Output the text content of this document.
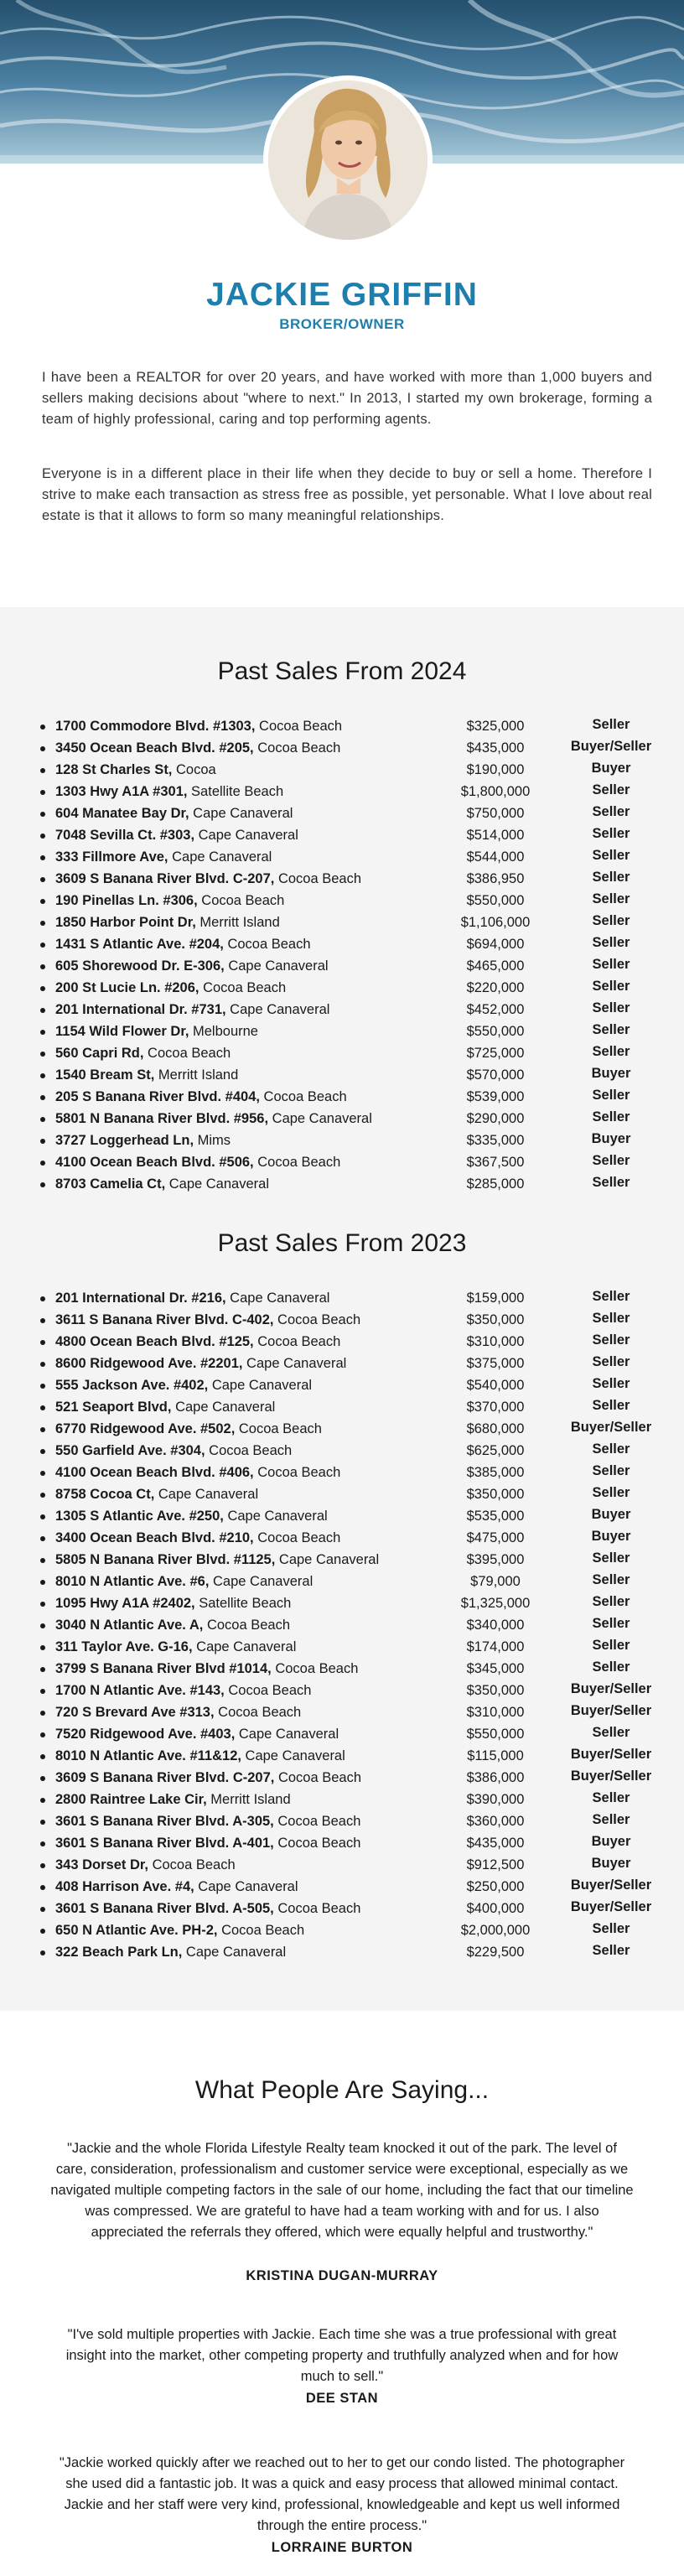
JACKIE GRIFFIN
BROKER/OWNER

I have been a REALTOR for over 20 years, and have worked with more than 1,000 buyers and sellers making decisions about "where to next." In 2013, I started my own brokerage, forming a team of highly professional, caring and top performing agents.

Everyone is in a different place in their life when they decide to buy or sell a home. Therefore I strive to make each transaction as stress free as possible, yet personable. What I love about real estate is that it allows to form so many meaningful relationships.

Past Sales From 2024
1700 Commodore Blvd. #1303, Cocoa Beach	$325,000	Seller
3450 Ocean Beach Blvd. #205, Cocoa Beach	$435,000	Buyer/Seller
128 St Charles St, Cocoa	$190,000	Buyer
1303 Hwy A1A #301, Satellite Beach	$1,800,000	Seller
604 Manatee Bay Dr, Cape Canaveral	$750,000	Seller
7048 Sevilla Ct. #303, Cape Canaveral	$514,000	Seller
333 Fillmore Ave, Cape Canaveral	$544,000	Seller
3609 S Banana River Blvd. C-207, Cocoa Beach	$386,950	Seller
190 Pinellas Ln. #306, Cocoa Beach	$550,000	Seller
1850 Harbor Point Dr, Merritt Island	$1,106,000	Seller
1431 S Atlantic Ave. #204, Cocoa Beach	$694,000	Seller
605 Shorewood Dr. E-306, Cape Canaveral	$465,000	Seller
200 St Lucie Ln. #206, Cocoa Beach	$220,000	Seller
201 International Dr. #731, Cape Canaveral	$452,000	Seller
1154 Wild Flower Dr, Melbourne	$550,000	Seller
560 Capri Rd, Cocoa Beach	$725,000	Seller
1540 Bream St, Merritt Island	$570,000	Buyer
205 S Banana River Blvd. #404, Cocoa Beach	$539,000	Seller
5801 N Banana River Blvd. #956, Cape Canaveral	$290,000	Seller
3727 Loggerhead Ln, Mims	$335,000	Buyer
4100 Ocean Beach Blvd. #506, Cocoa Beach	$367,500	Seller
8703 Camelia Ct, Cape Canaveral	$285,000	Seller
Past Sales From 2023
201 International Dr. #216, Cape Canaveral	$159,000	Seller
3611 S Banana River Blvd. C-402, Cocoa Beach	$350,000	Seller
4800 Ocean Beach Blvd. #125, Cocoa Beach	$310,000	Seller
8600 Ridgewood Ave. #2201, Cape Canaveral	$375,000	Seller
555 Jackson Ave. #402, Cape Canaveral	$540,000	Seller
521 Seaport Blvd, Cape Canaveral	$370,000	Seller
6770 Ridgewood Ave. #502, Cocoa Beach	$680,000	Buyer/Seller
550 Garfield Ave. #304, Cocoa Beach	$625,000	Seller
4100 Ocean Beach Blvd. #406, Cocoa Beach	$385,000	Seller
8758 Cocoa Ct, Cape Canaveral	$350,000	Seller
1305 S Atlantic Ave. #250, Cape Canaveral	$535,000	Buyer
3400 Ocean Beach Blvd. #210, Cocoa Beach	$475,000	Buyer
5805 N Banana River Blvd. #1125, Cape Canaveral	$395,000	Seller
8010 N Atlantic Ave. #6, Cape Canaveral	$79,000	Seller
1095 Hwy A1A #2402, Satellite Beach	$1,325,000	Seller
3040 N Atlantic Ave. A, Cocoa Beach	$340,000	Seller
311 Taylor Ave. G-16, Cape Canaveral	$174,000	Seller
3799 S Banana River Blvd #1014, Cocoa Beach	$345,000	Seller
1700 N Atlantic Ave. #143, Cocoa Beach	$350,000	Buyer/Seller
720 S Brevard Ave #313, Cocoa Beach	$310,000	Buyer/Seller
7520 Ridgewood Ave. #403, Cape Canaveral	$550,000	Seller
8010 N Atlantic Ave. #11&12, Cape Canaveral	$115,000	Buyer/Seller
3609 S Banana River Blvd. C-207, Cocoa Beach	$386,000	Buyer/Seller
2800 Raintree Lake Cir, Merritt Island	$390,000	Seller
3601 S Banana River Blvd. A-305, Cocoa Beach	$360,000	Seller
3601 S Banana River Blvd. A-401, Cocoa Beach	$435,000	Buyer
343 Dorset Dr, Cocoa Beach	$912,500	Buyer
408 Harrison Ave. #4, Cape Canaveral	$250,000	Buyer/Seller
3601 S Banana River Blvd. A-505, Cocoa Beach	$400,000	Buyer/Seller
650 N Atlantic Ave. PH-2, Cocoa Beach	$2,000,000	Seller
322 Beach Park Ln, Cape Canaveral	$229,500	Seller
What People Are Saying...

"Jackie and the whole Florida Lifestyle Realty team knocked it out of the park. The level of care, consideration, professionalism and customer service were exceptional, especially as we navigated multiple competing factors in the sale of our home, including the fact that our timeline was compressed. We are grateful to have had a team working with and for us. I also appreciated the referrals they offered, which were equally helpful and trustworthy."

KRISTINA DUGAN-MURRAY

"I've sold multiple properties with Jackie. Each time she was a true professional with great insight into the market, other competing property and truthfully analyzed when and for how much to sell."

DEE STAN

"Jackie worked quickly after we reached out to her to get our condo listed. The photographer she used did a fantastic job. It was a quick and easy process that allowed minimal contact. Jackie and her staff were very kind, professional, knowledgeable and kept us well informed through the entire process."

LORRAINE BURTON
